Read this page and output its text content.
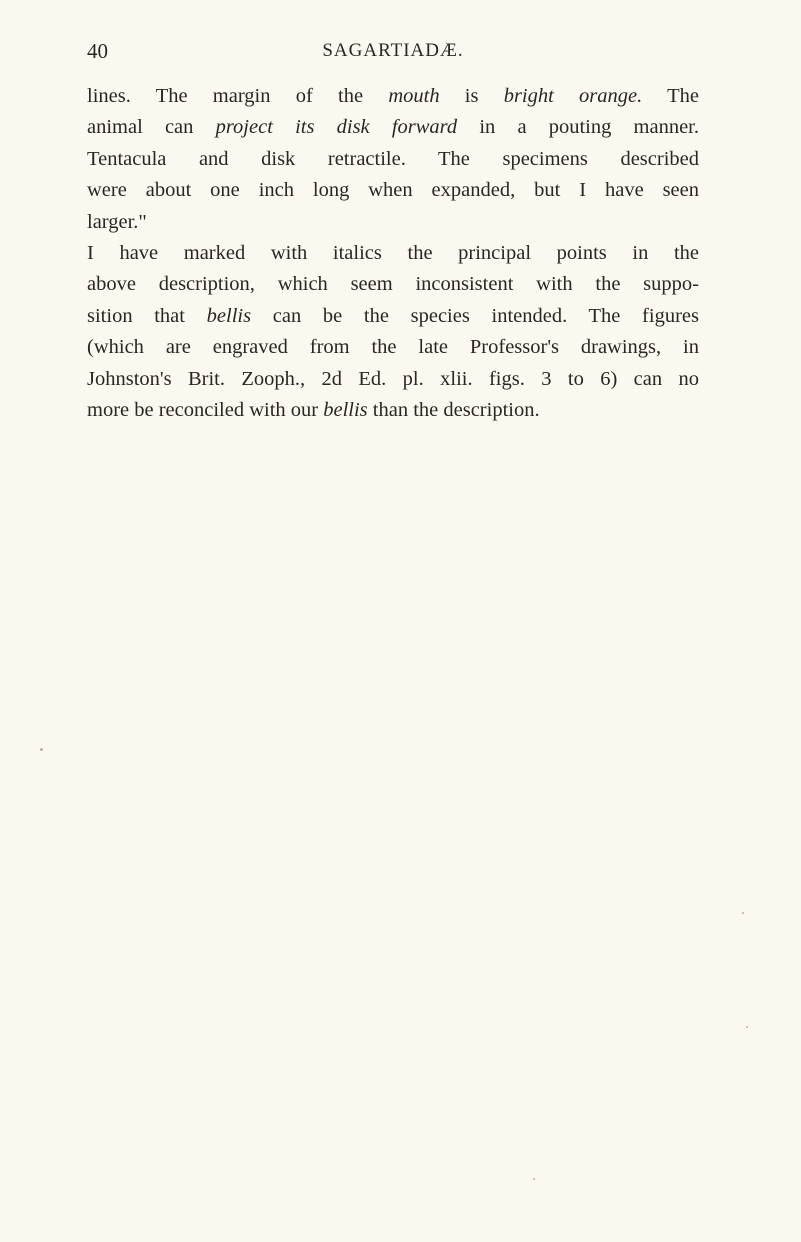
40	SAGARTIADÆ.
lines. The margin of the mouth is bright orange. The
animal can project its disk forward in a pouting manner.
Tentacula and disk retractile. The specimens described
were about one inch long when expanded, but I have seen
larger."
I have marked with italics the principal points in the
above description, which seem inconsistent with the suppo-
sition that bellis can be the species intended. The figures
(which are engraved from the late Professor's drawings, in
Johnston's Brit. Zooph., 2d Ed. pl. xlii. figs. 3 to 6) can no
more be reconciled with our bellis than the description.
